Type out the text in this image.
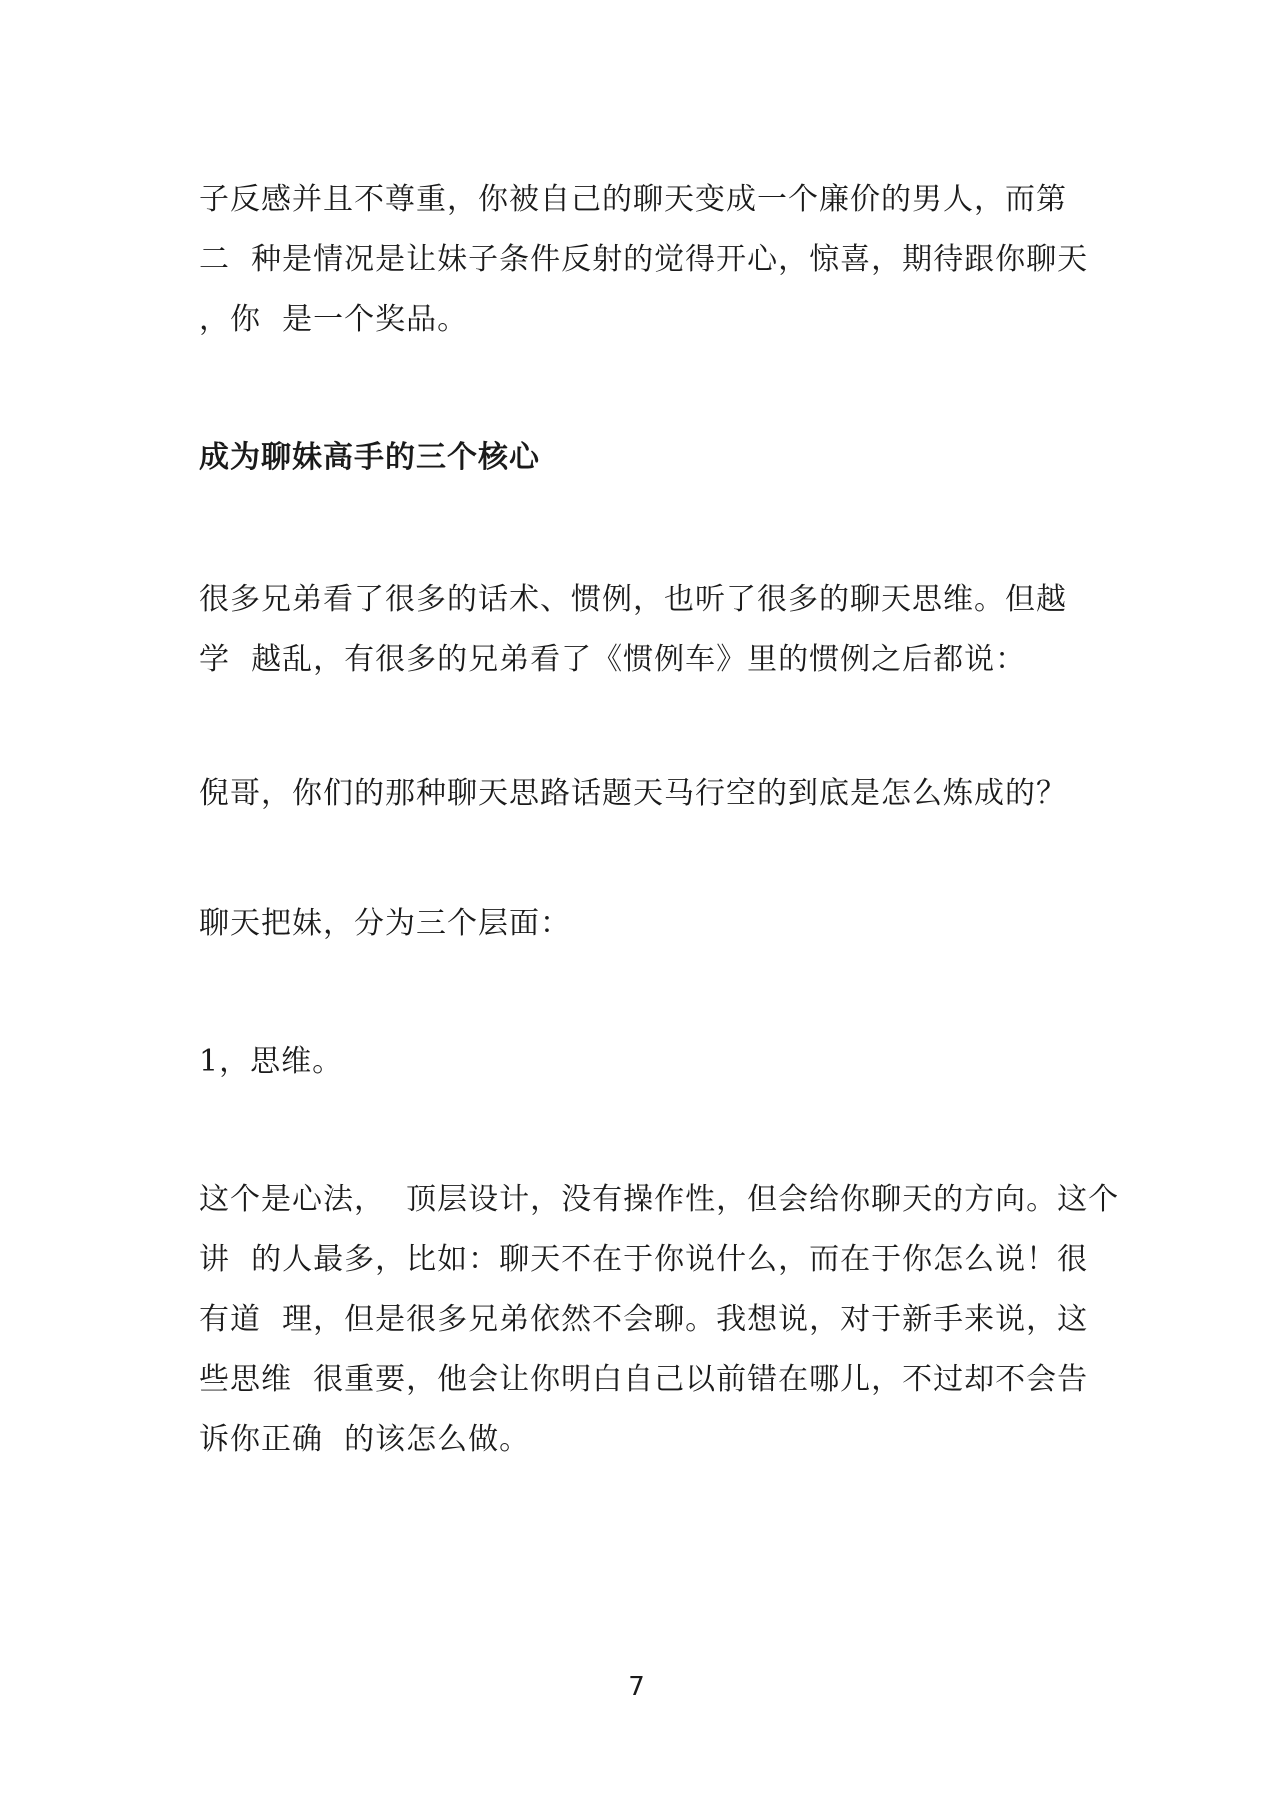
子反感并且不尊重，你被自己的聊天变成一个廉价的男人，而第
二  种是情况是让妹子条件反射的觉得开心，惊喜，期待跟你聊天
，你  是一个奖品。

成为聊妹高手的三个核心

很多兄弟看了很多的话术、惯例，也听了很多的聊天思维。但越
学  越乱，有很多的兄弟看了《惯例车》里的惯例之后都说：

倪哥，你们的那种聊天思路话题天马行空的到底是怎么炼成的？

聊天把妹，分为三个层面：

1，思维。

这个是心法，  顶层设计，没有操作性，但会给你聊天的方向。这个
讲  的人最多，比如：聊天不在于你说什么，而在于你怎么说！很
有道  理，但是很多兄弟依然不会聊。我想说，对于新手来说，这
些思维  很重要，他会让你明白自己以前错在哪儿，不过却不会告
诉你正确  的该怎么做。

7
